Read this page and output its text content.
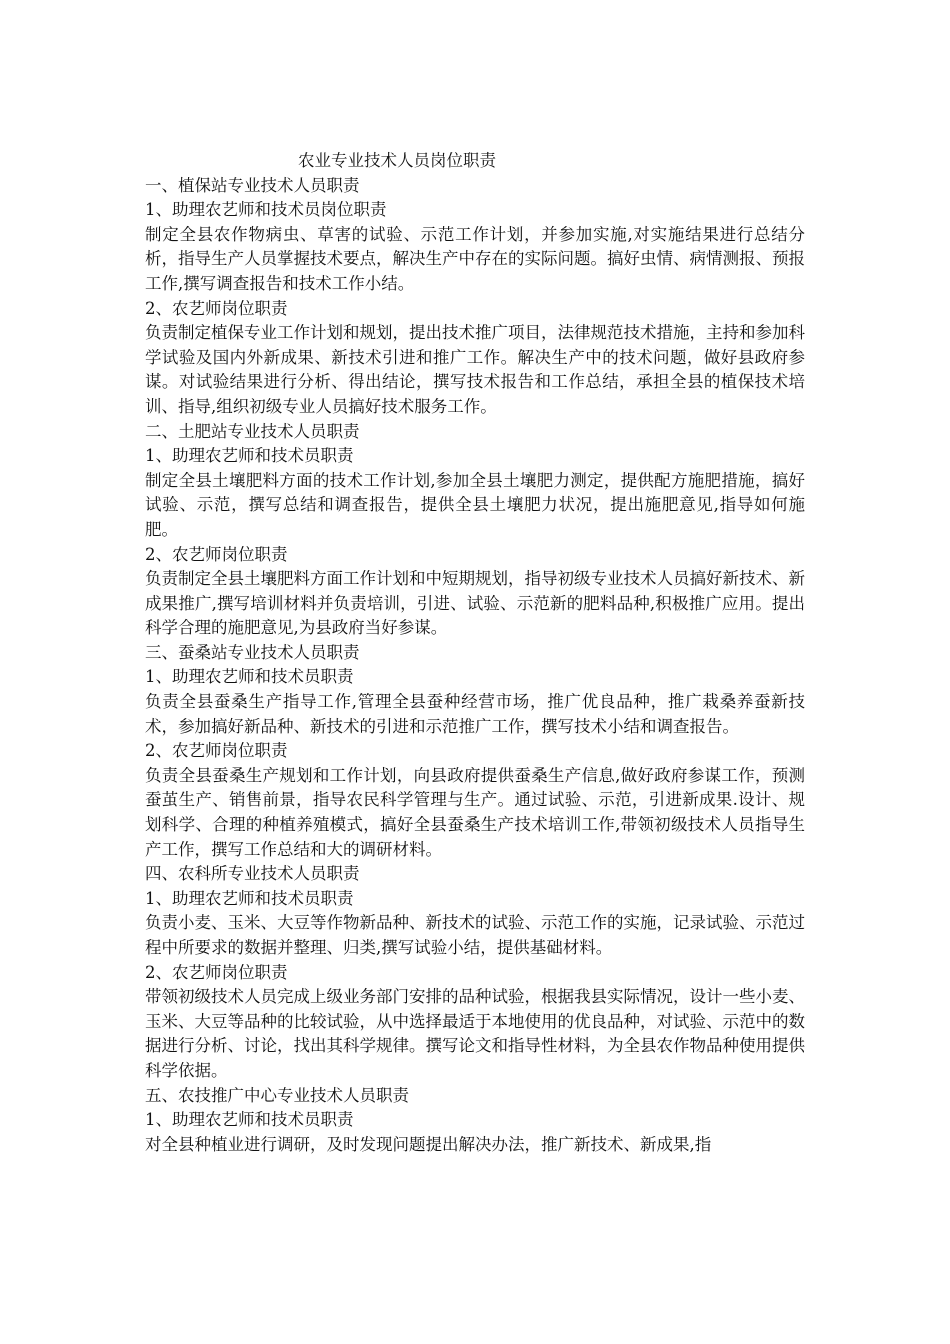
农业专业技术人员岗位职责
一、植保站专业技术人员职责
1、助理农艺师和技术员岗位职责

制定全县农作物病虫、草害的试验、示范工作计划，并参加实施,对实施结果进行总结分析，指导生产人员掌握技术要点，解决生产中存在的实际问题。搞好虫情、病情测报、预报工作,撰写调查报告和技术工作小结。

2、农艺师岗位职责

负责制定植保专业工作计划和规划，提出技术推广项目，法律规范技术措施，主持和参加科学试验及国内外新成果、新技术引进和推广工作。解决生产中的技术问题，做好县政府参谋。对试验结果进行分析、得出结论，撰写技术报告和工作总结，承担全县的植保技术培训、指导,组织初级专业人员搞好技术服务工作。

二、土肥站专业技术人员职责
1、助理农艺师和技术员职责

制定全县土壤肥料方面的技术工作计划,参加全县土壤肥力测定，提供配方施肥措施，搞好试验、示范，撰写总结和调查报告，提供全县土壤肥力状况，提出施肥意见,指导如何施肥。

2、农艺师岗位职责

负责制定全县土壤肥料方面工作计划和中短期规划，指导初级专业技术人员搞好新技术、新成果推广,撰写培训材料并负责培训，引进、试验、示范新的肥料品种,积极推广应用。提出科学合理的施肥意见,为县政府当好参谋。

三、蚕桑站专业技术人员职责
1、助理农艺师和技术员职责

负责全县蚕桑生产指导工作,管理全县蚕种经营市场，推广优良品种，推广栽桑养蚕新技术，参加搞好新品种、新技术的引进和示范推广工作，撰写技术小结和调查报告。

2、农艺师岗位职责

负责全县蚕桑生产规划和工作计划，向县政府提供蚕桑生产信息,做好政府参谋工作，预测蚕茧生产、销售前景，指导农民科学管理与生产。通过试验、示范，引进新成果.设计、规划科学、合理的种植养殖模式，搞好全县蚕桑生产技术培训工作,带领初级技术人员指导生产工作，撰写工作总结和大的调研材料。

四、农科所专业技术人员职责
1、助理农艺师和技术员职责

负责小麦、玉米、大豆等作物新品种、新技术的试验、示范工作的实施，记录试验、示范过程中所要求的数据并整理、归类,撰写试验小结，提供基础材料。

2、农艺师岗位职责

带领初级技术人员完成上级业务部门安排的品种试验，根据我县实际情况，设计一些小麦、玉米、大豆等品种的比较试验，从中选择最适于本地使用的优良品种，对试验、示范中的数据进行分析、讨论，找出其科学规律。撰写论文和指导性材料，为全县农作物品种使用提供科学依据。

五、农技推广中心专业技术人员职责
1、助理农艺师和技术员职责

对全县种植业进行调研，及时发现问题提出解决办法，推广新技术、新成果,指
